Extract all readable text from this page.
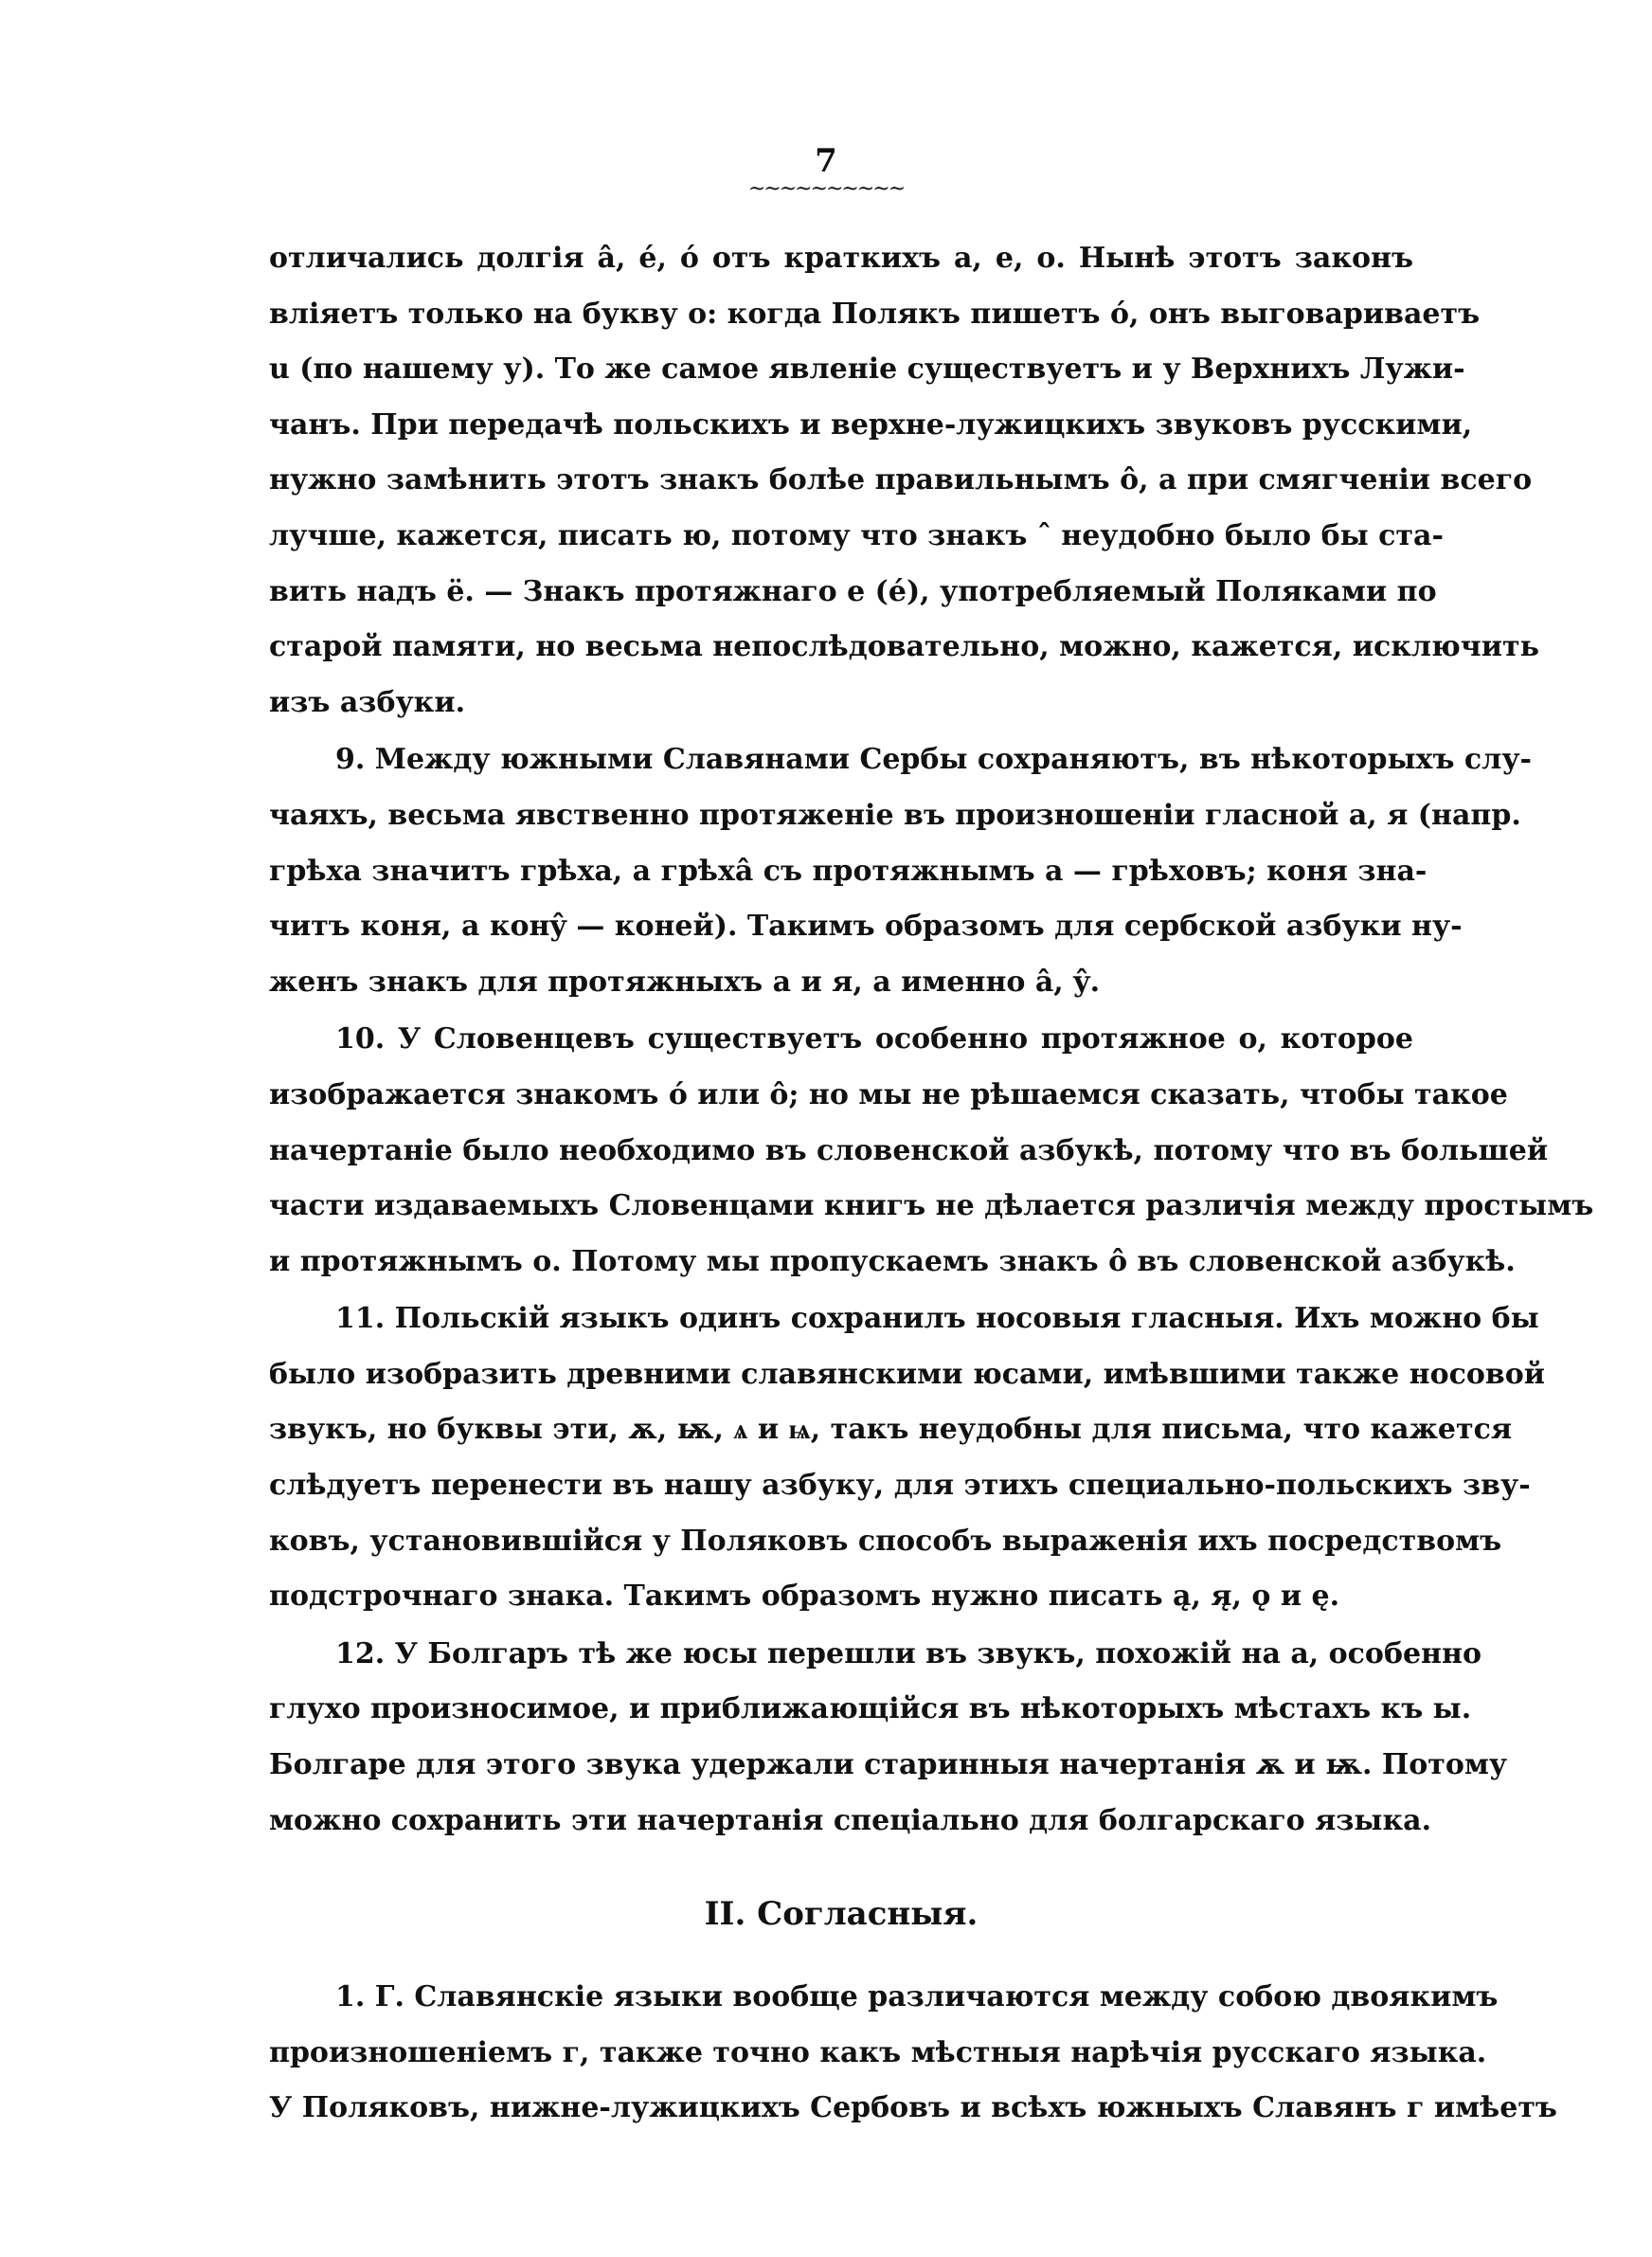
7
~~~~~~~~~~

отличались долгія â, é, ó отъ краткихъ а, е, о. Нынѣ этотъ законъ
вліяетъ только на букву о: когда Полякъ пишетъ ó, онъ выговариваетъ
u (по нашему у). То же самое явленіе существуетъ и у Верхнихъ Лужи-
чанъ. При передачѣ польскихъ и верхне-лужицкихъ звуковъ русскими,
нужно замѣнить этотъ знакъ болѣе правильнымъ ô, а при смягченіи всего
лучше, кажется, писать ю, потому что знакъ ˆ неудобно было бы ста-
вить надъ ё. — Знакъ протяжнаго е (é), употребляемый Поляками по
старой памяти, но весьма непослѣдовательно, можно, кажется, исключить
изъ азбуки.

9. Между южными Славянами Сербы сохраняютъ, въ нѣкоторыхъ слу-
чаяхъ, весьма явственно протяженіе въ произношеніи гласной а, я (напр.
грѣха значитъ грѣха, а грѣхâ съ протяжнымъ а — грѣховъ; коня зна-
читъ коня, а конŷ — коней). Такимъ образомъ для сербской азбуки ну-
женъ знакъ для протяжныхъ а и я, а именно â, ŷ.

10. У Словенцевъ существуетъ особенно протяжное о, которое
изображается знакомъ ó или ô; но мы не рѣшаемся сказать, чтобы такое
начертаніе было необходимо въ словенской азбукѣ, потому что въ большей
части издаваемыхъ Словенцами книгъ не дѣлается различія между простымъ
и протяжнымъ о. Потому мы пропускаемъ знакъ ô въ словенской азбукѣ.

11. Польскій языкъ одинъ сохранилъ носовыя гласныя. Ихъ можно бы
было изобразить древними славянскими юсами, имѣвшими также носовой
звукъ, но буквы эти, ѫ, ѭ, ѧ и ѩ, такъ неудобны для письма, что кажется
слѣдуетъ перенести въ нашу азбуку, для этихъ специально-польскихъ зву-
ковъ, установившійся у Поляковъ способъ выраженія ихъ посредствомъ
подстрочнаго знака. Такимъ образомъ нужно писать ą, я̨, ǫ и ę.

12. У Болгаръ тѣ же юсы перешли въ звукъ, похожій на а, особенно
глухо произносимое, и приближающійся въ нѣкоторыхъ мѣстахъ къ ы.
Болгаре для этого звука удержали старинныя начертанія ѫ и ѭ. Потому
можно сохранить эти начертанія спеціально для болгарскаго языка.

II. Согласныя.

1. Г. Славянскіе языки вообще различаются между собою двоякимъ
произношеніемъ г, также точно какъ мѣстныя нарѣчія русскаго языка.
У Поляковъ, нижне-лужицкихъ Сербовъ и всѣхъ южныхъ Славянъ г имѣетъ
